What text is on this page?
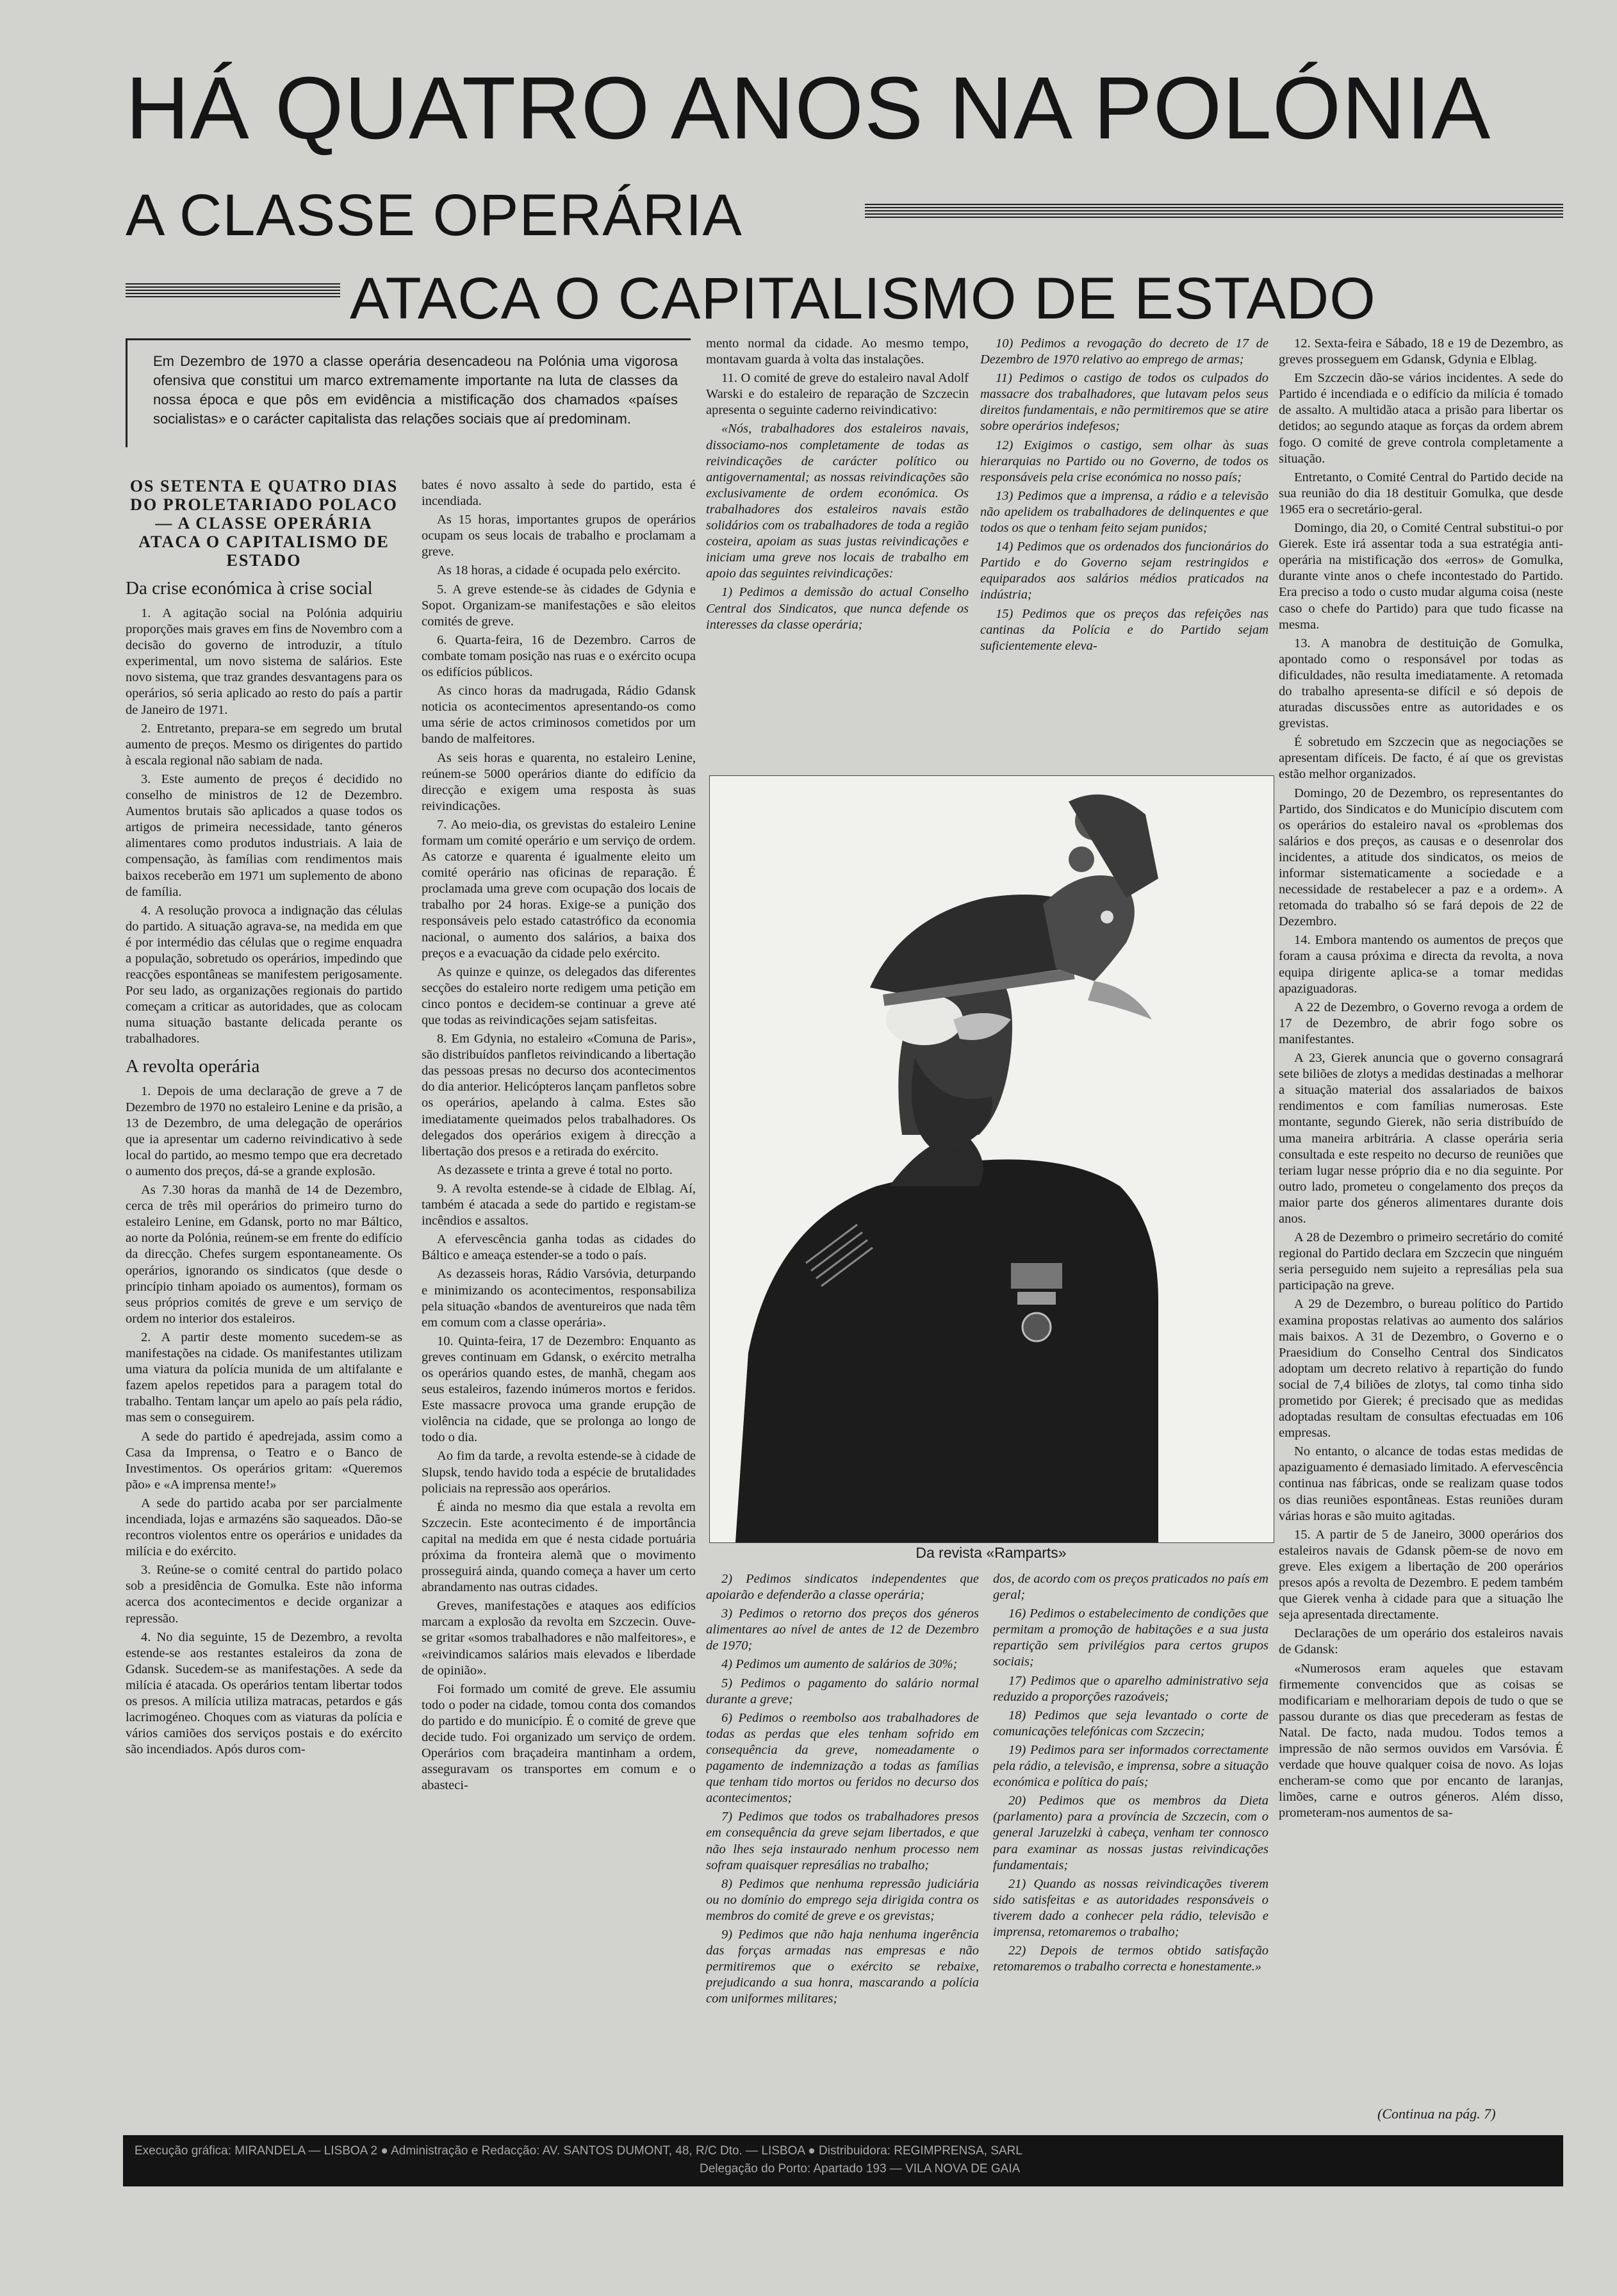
HÁ QUATRO ANOS NA POLÓNIA
A CLASSE OPERÁRIA
ATACA O CAPITALISMO DE ESTADO
Em Dezembro de 1970 a classe operária desencadeou na Polónia uma vigorosa ofensiva que constitui um marco extremamente importante na luta de classes da nossa época e que pôs em evidência a mistificação dos chamados «países socialistas» e o carácter capitalista das relações sociais que aí predominam.
OS SETENTA E QUATRO DIAS DO PROLETARIADO POLACO — A CLASSE OPERÁRIA ATACA O CAPITALISMO DE ESTADO
Da crise económica à crise social

1. A agitação social na Polónia adquiriu proporções mais graves em fins de Novembro com a decisão do governo de introduzir, a título experimental, um novo sistema de salários. Este novo sistema, que traz grandes desvantagens para os operários, só seria aplicado ao resto do país a partir de Janeiro de 1971.

2. Entretanto, prepara-se em segredo um brutal aumento de preços. Mesmo os dirigentes do partido à escala regional não sabiam de nada.

3. Este aumento de preços é decidido no conselho de ministros de 12 de Dezembro. Aumentos brutais são aplicados a quase todos os artigos de primeira necessidade, tanto géneros alimentares como produtos industriais. A laia de compensação, às famílias com rendimentos mais baixos receberão em 1971 um suplemento de abono de família.

4. A resolução provoca a indignação das células do partido. A situação agrava-se, na medida em que é por intermédio das células que o regime enquadra a população, sobretudo os operários, impedindo que reacções espontâneas se manifestem perigosamente. Por seu lado, as organizações regionais do partido começam a criticar as autoridades, que as colocam numa situação bastante delicada perante os trabalhadores.

A revolta operária

1. Depois de uma declaração de greve a 7 de Dezembro de 1970 no estaleiro Lenine e da prisão, a 13 de Dezembro, de uma delegação de operários que ia apresentar um caderno reivindicativo à sede local do partido, ao mesmo tempo que era decretado o aumento dos preços, dá-se a grande explosão.

As 7.30 horas da manhã de 14 de Dezembro, cerca de três mil operários do primeiro turno do estaleiro Lenine, em Gdansk, porto no mar Báltico, ao norte da Polónia, reúnem-se em frente do edifício da direcção. Chefes surgem espontaneamente. Os operários, ignorando os sindicatos (que desde o princípio tinham apoiado os aumentos), formam os seus próprios comités de greve e um serviço de ordem no interior dos estaleiros.

2. A partir deste momento sucedem-se as manifestações na cidade. Os manifestantes utilizam uma viatura da polícia munida de um altifalante e fazem apelos repetidos para a paragem total do trabalho. Tentam lançar um apelo ao país pela rádio, mas sem o conseguirem.

A sede do partido é apedrejada, assim como a Casa da Imprensa, o Teatro e o Banco de Investimentos. Os operários gritam: «Queremos pão» e «A imprensa mente!»

A sede do partido acaba por ser parcialmente incendiada, lojas e armazéns são saqueados. Dão-se recontros violentos entre os operários e unidades da milícia e do exército.

3. Reúne-se o comité central do partido polaco sob a presidência de Gomulka. Este não informa acerca dos acontecimentos e decide organizar a repressão.

4. No dia seguinte, 15 de Dezembro, a revolta estende-se aos restantes estaleiros da zona de Gdansk. Sucedem-se as manifestações. A sede da milícia é atacada. Os operários tentam libertar todos os presos. A milícia utiliza matracas, petardos e gás lacrimogéneo. Choques com as viaturas da polícia e vários camiões dos serviços postais e do exército são incendiados. Após duros com-

bates é novo assalto à sede do partido, esta é incendiada.

As 15 horas, importantes grupos de operários ocupam os seus locais de trabalho e proclamam a greve.

As 18 horas, a cidade é ocupada pelo exército.

5. A greve estende-se às cidades de Gdynia e Sopot. Organizam-se manifestações e são eleitos comités de greve.

6. Quarta-feira, 16 de Dezembro. Carros de combate tomam posição nas ruas e o exército ocupa os edifícios públicos.

As cinco horas da madrugada, Rádio Gdansk noticia os acontecimentos apresentando-os como uma série de actos criminosos cometidos por um bando de malfeitores.

As seis horas e quarenta, no estaleiro Lenine, reúnem-se 5000 operários diante do edifício da direcção e exigem uma resposta às suas reivindicações.

7. Ao meio-dia, os grevistas do estaleiro Lenine formam um comité operário e um serviço de ordem. As catorze e quarenta é igualmente eleito um comité operário nas oficinas de reparação. É proclamada uma greve com ocupação dos locais de trabalho por 24 horas. Exige-se a punição dos responsáveis pelo estado catastrófico da economia nacional, o aumento dos salários, a baixa dos preços e a evacuação da cidade pelo exército.

As quinze e quinze, os delegados das diferentes secções do estaleiro norte redigem uma petição em cinco pontos e decidem-se continuar a greve até que todas as reivindicações sejam satisfeitas.

8. Em Gdynia, no estaleiro «Comuna de Paris», são distribuídos panfletos reivindicando a libertação das pessoas presas no decurso dos acontecimentos do dia anterior. Helicópteros lançam panfletos sobre os operários, apelando à calma. Estes são imediatamente queimados pelos trabalhadores. Os delegados dos operários exigem à direcção a libertação dos presos e a retirada do exército.

As dezassete e trinta a greve é total no porto.

9. A revolta estende-se à cidade de Elblag. Aí, também é atacada a sede do partido e registam-se incêndios e assaltos.

A efervescência ganha todas as cidades do Báltico e ameaça estender-se a todo o país.

As dezasseis horas, Rádio Varsóvia, deturpando e minimizando os acontecimentos, responsabiliza pela situação «bandos de aventureiros que nada têm em comum com a classe operária».

10. Quinta-feira, 17 de Dezembro: Enquanto as greves continuam em Gdansk, o exército metralha os operários quando estes, de manhã, chegam aos seus estaleiros, fazendo inúmeros mortos e feridos. Este massacre provoca uma grande erupção de violência na cidade, que se prolonga ao longo de todo o dia.

Ao fim da tarde, a revolta estende-se à cidade de Slupsk, tendo havido toda a espécie de brutalidades policiais na repressão aos operários.

É ainda no mesmo dia que estala a revolta em Szczecin. Este acontecimento é de importância capital na medida em que é nesta cidade portuária próxima da fronteira alemã que o movimento prosseguirá ainda, quando começa a haver um certo abrandamento nas outras cidades.

Greves, manifestações e ataques aos edifícios marcam a explosão da revolta em Szczecin. Ouve-se gritar «somos trabalhadores e não malfeitores», e «reivindicamos salários mais elevados e liberdade de opinião».

Foi formado um comité de greve. Ele assumiu todo o poder na cidade, tomou conta dos comandos do partido e do município. É o comité de greve que decide tudo. Foi organizado um serviço de ordem. Operários com braçadeira mantinham a ordem, asseguravam os transportes em comum e o abasteci-

mento normal da cidade. Ao mesmo tempo, montavam guarda à volta das instalações.

11. O comité de greve do estaleiro naval Adolf Warski e do estaleiro de reparação de Szczecin apresenta o seguinte caderno reivindicativo:

«Nós, trabalhadores dos estaleiros navais, dissociamo-nos completamente de todas as reivindicações de carácter político ou antigovernamental; as nossas reivindicações são exclusivamente de ordem económica. Os trabalhadores dos estaleiros navais estão solidários com os trabalhadores de toda a região costeira, apoiam as suas justas reivindicações e iniciam uma greve nos locais de trabalho em apoio das seguintes reivindicações:

1) Pedimos a demissão do actual Conselho Central dos Sindicatos, que nunca defende os interesses da classe operária;

10) Pedimos a revogação do decreto de 17 de Dezembro de 1970 relativo ao emprego de armas;

11) Pedimos o castigo de todos os culpados do massacre dos trabalhadores, que lutavam pelos seus direitos fundamentais, e não permitiremos que se atire sobre operários indefesos;

12) Exigimos o castigo, sem olhar às suas hierarquias no Partido ou no Governo, de todos os responsáveis pela crise económica no nosso país;

13) Pedimos que a imprensa, a rádio e a televisão não apelidem os trabalhadores de delinquentes e que todos os que o tenham feito sejam punidos;

14) Pedimos que os ordenados dos funcionários do Partido e do Governo sejam restringidos e equiparados aos salários médios praticados na indústria;

15) Pedimos que os preços das refeições nas cantinas da Polícia e do Partido sejam suficientemente eleva-

12. Sexta-feira e Sábado, 18 e 19 de Dezembro, as greves prosseguem em Gdansk, Gdynia e Elblag.

Em Szczecin dão-se vários incidentes. A sede do Partido é incendiada e o edifício da milícia é tomado de assalto. A multidão ataca a prisão para libertar os detidos; ao segundo ataque as forças da ordem abrem fogo. O comité de greve controla completamente a situação.

Entretanto, o Comité Central do Partido decide na sua reunião do dia 18 destituir Gomulka, que desde 1965 era o secretário-geral.

Domingo, dia 20, o Comité Central substitui-o por Gierek. Este irá assentar toda a sua estratégia anti-operária na mistificação dos «erros» de Gomulka, durante vinte anos o chefe incontestado do Partido. Era preciso a todo o custo mudar alguma coisa (neste caso o chefe do Partido) para que tudo ficasse na mesma.

13. A manobra de destituição de Gomulka, apontado como o responsável por todas as dificuldades, não resulta imediatamente. A retomada do trabalho apresenta-se difícil e só depois de aturadas discussões entre as autoridades e os grevistas.

É sobretudo em Szczecin que as negociações se apresentam difíceis. De facto, é aí que os grevistas estão melhor organizados.

Domingo, 20 de Dezembro, os representantes do Partido, dos Sindicatos e do Município discutem com os operários do estaleiro naval os «problemas dos salários e dos preços, as causas e o desenrolar dos incidentes, a atitude dos sindicatos, os meios de informar sistematicamente a sociedade e a necessidade de restabelecer a paz e a ordem». A retomada do trabalho só se fará depois de 22 de Dezembro.

14. Embora mantendo os aumentos de preços que foram a causa próxima e directa da revolta, a nova equipa dirigente aplica-se a tomar medidas apaziguadoras.

A 22 de Dezembro, o Governo revoga a ordem de 17 de Dezembro, de abrir fogo sobre os manifestantes.

A 23, Gierek anuncia que o governo consagrará sete biliões de zlotys a medidas destinadas a melhorar a situação material dos assalariados de baixos rendimentos e com famílias numerosas. Este montante, segundo Gierek, não seria distribuído de uma maneira arbitrária. A classe operária seria consultada e este respeito no decurso de reuniões que teriam lugar nesse próprio dia e no dia seguinte. Por outro lado, prometeu o congelamento dos preços da maior parte dos géneros alimentares durante dois anos.

A 28 de Dezembro o primeiro secretário do comité regional do Partido declara em Szczecin que ninguém seria perseguido nem sujeito a represálias pela sua participação na greve.

A 29 de Dezembro, o bureau político do Partido examina propostas relativas ao aumento dos salários mais baixos. A 31 de Dezembro, o Governo e o Praesidium do Conselho Central dos Sindicatos adoptam um decreto relativo à repartição do fundo social de 7,4 biliões de zlotys, tal como tinha sido prometido por Gierek; é precisado que as medidas adoptadas resultam de consultas efectuadas em 106 empresas.

No entanto, o alcance de todas estas medidas de apaziguamento é demasiado limitado. A efervescência continua nas fábricas, onde se realizam quase todos os dias reuniões espontâneas. Estas reuniões duram várias horas e são muito agitadas.

15. A partir de 5 de Janeiro, 3000 operários dos estaleiros navais de Gdansk põem-se de novo em greve. Eles exigem a libertação de 200 operários presos após a revolta de Dezembro. E pedem também que Gierek venha à cidade para que a situação lhe seja apresentada directamente.

Declarações de um operário dos estaleiros navais de Gdansk:

«Numerosos eram aqueles que estavam firmemente convencidos que as coisas se modificariam e melhorariam depois de tudo o que se passou durante os dias que precederam as festas de Natal. De facto, nada mudou. Todos temos a impressão de não sermos ouvidos em Varsóvia. É verdade que houve qualquer coisa de novo. As lojas encheram-se como que por encanto de laranjas, limões, carne e outros géneros. Além disso, prometeram-nos aumentos de sa-

Da revista «Ramparts»

2) Pedimos sindicatos independentes que apoiarão e defenderão a classe operária;

3) Pedimos o retorno dos preços dos géneros alimentares ao nível de antes de 12 de Dezembro de 1970;

4) Pedimos um aumento de salários de 30%;

5) Pedimos o pagamento do salário normal durante a greve;

6) Pedimos o reembolso aos trabalhadores de todas as perdas que eles tenham sofrido em consequência da greve, nomeadamente o pagamento de indemnização a todas as famílias que tenham tido mortos ou feridos no decurso dos acontecimentos;

7) Pedimos que todos os trabalhadores presos em consequência da greve sejam libertados, e que não lhes seja instaurado nenhum processo nem sofram quaisquer represálias no trabalho;

8) Pedimos que nenhuma repressão judiciária ou no domínio do emprego seja dirigida contra os membros do comité de greve e os grevistas;

9) Pedimos que não haja nenhuma ingerência das forças armadas nas empresas e não permitiremos que o exército se rebaixe, prejudicando a sua honra, mascarando a polícia com uniformes militares;

dos, de acordo com os preços praticados no país em geral;

16) Pedimos o estabelecimento de condições que permitam a promoção de habitações e a sua justa repartição sem privilégios para certos grupos sociais;

17) Pedimos que o aparelho administrativo seja reduzido a proporções razoáveis;

18) Pedimos que seja levantado o corte de comunicações telefónicas com Szczecin;

19) Pedimos para ser informados correctamente pela rádio, a televisão, e imprensa, sobre a situação económica e política do país;

20) Pedimos que os membros da Dieta (parlamento) para a província de Szczecin, com o general Jaruzelzki à cabeça, venham ter connosco para examinar as nossas justas reivindicações fundamentais;

21) Quando as nossas reivindicações tiverem sido satisfeitas e as autoridades responsáveis o tiverem dado a conhecer pela rádio, televisão e imprensa, retomaremos o trabalho;

22) Depois de termos obtido satisfação retomaremos o trabalho correcta e honestamente.»

(Continua na pág. 7)
Execução gráfica: MIRANDELA — LISBOA 2 ● Administração e Redacção: AV. SANTOS DUMONT, 48, R/C Dto. — LISBOA ● Distribuidora: REGIMPRENSA, SARL
Delegação do Porto: Apartado 193 — VILA NOVA DE GAIA
